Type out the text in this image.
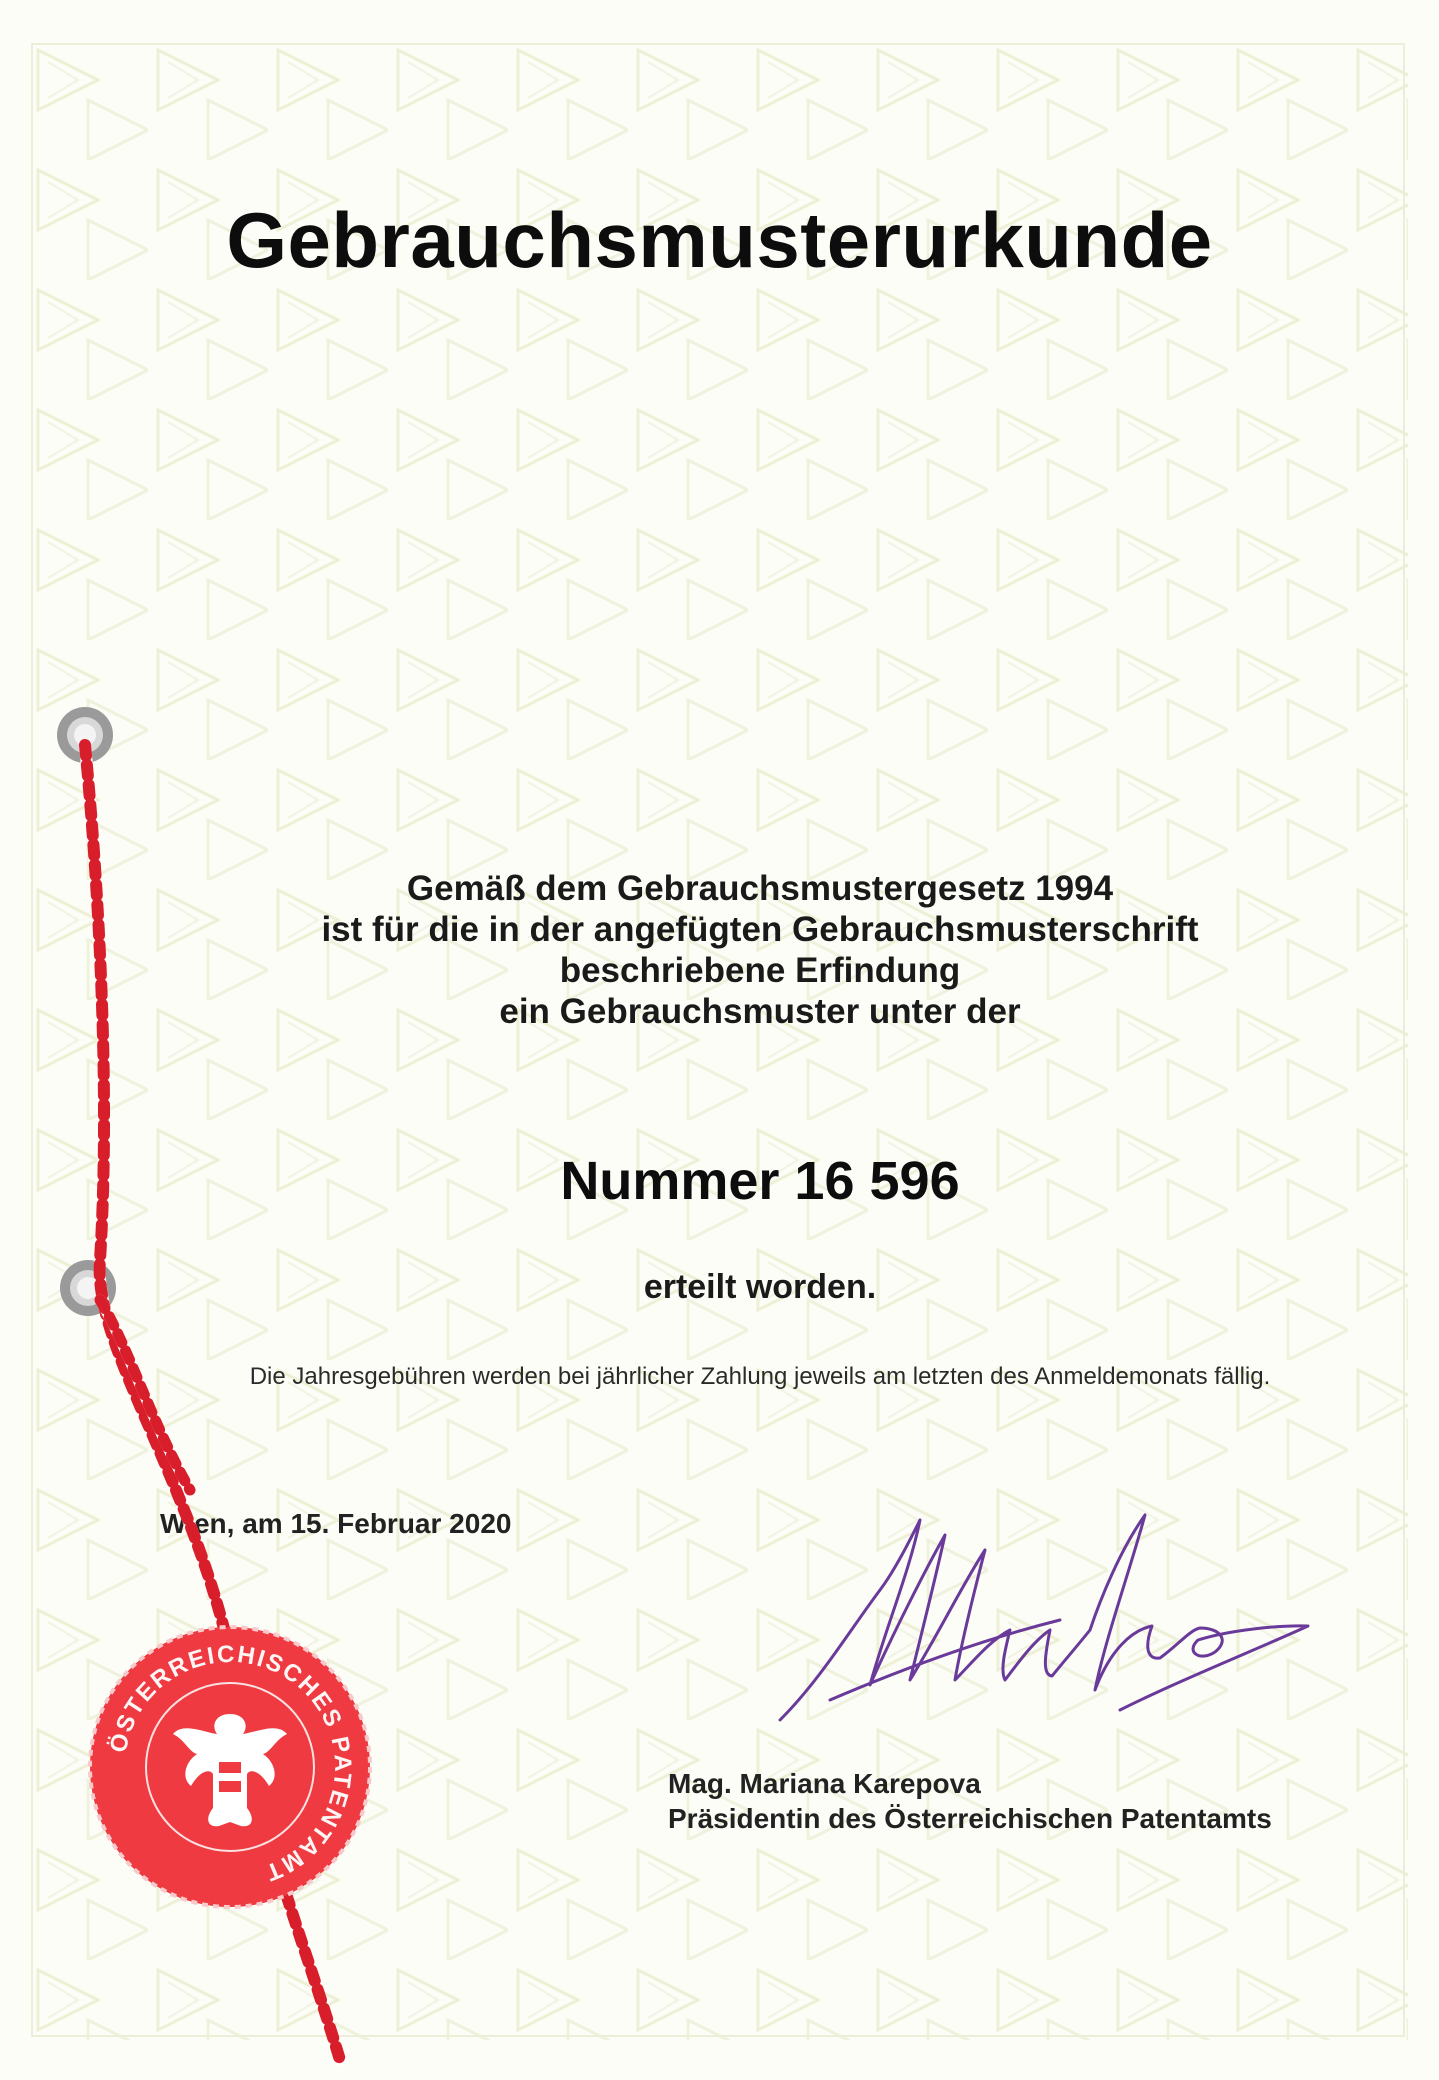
Gebrauchsmusterurkunde
Gemäß dem Gebrauchsmustergesetz 1994
ist für die in der angefügten Gebrauchsmusterschrift
beschriebene Erfindung
ein Gebrauchsmuster unter der
Nummer 16 596
erteilt worden.
Die Jahresgebühren werden bei jährlicher Zahlung jeweils am letzten des Anmeldemonats fällig.
Wien, am 15. Februar 2020
Mag. Mariana Karepova
Präsidentin des Österreichischen Patentamts
ÖSTERREICHISCHES PATENTAMT
